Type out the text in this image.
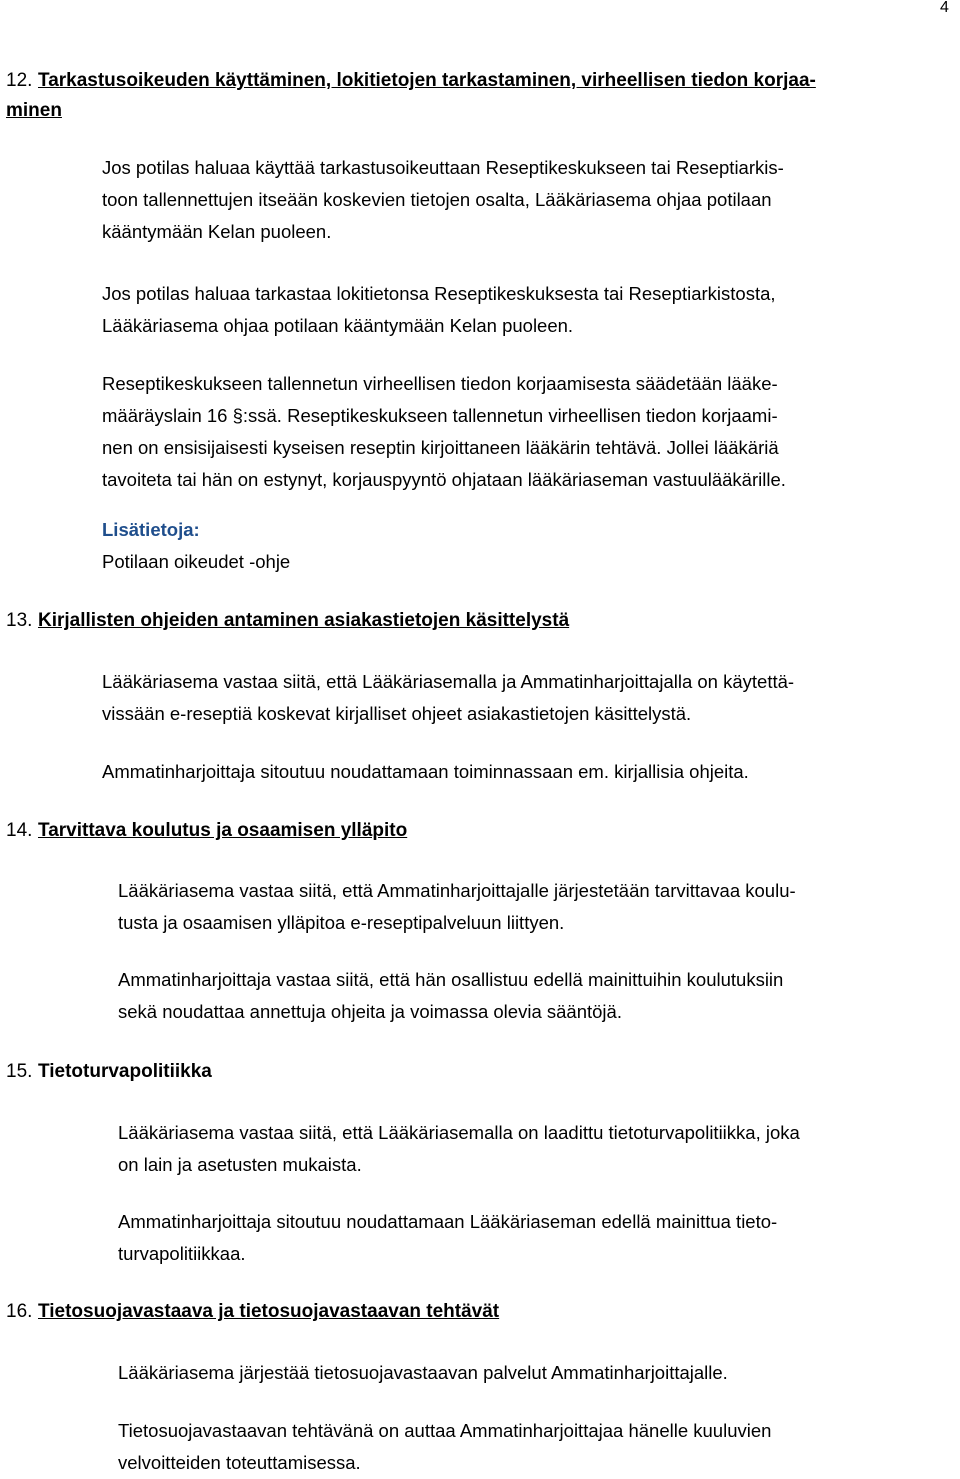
4
12. Tarkastusoikeuden käyttäminen, lokitietojen tarkastaminen, virheellisen tiedon korjaa-
minen

Jos potilas haluaa käyttää tarkastusoikeuttaan Reseptikeskukseen tai Reseptiarkis-
toon tallennettujen itseään koskevien tietojen osalta, Lääkäriasema ohjaa potilaan
kääntymään Kelan puoleen.

Jos potilas haluaa tarkastaa lokitietonsa Reseptikeskuksesta tai Reseptiarkistosta,
Lääkäriasema ohjaa potilaan kääntymään Kelan puoleen.

Reseptikeskukseen tallennetun virheellisen tiedon korjaamisesta säädetään lääke-
määräyslain 16 §:ssä. Reseptikeskukseen tallennetun virheellisen tiedon korjaami-
nen on ensisijaisesti kyseisen reseptin kirjoittaneen lääkärin tehtävä. Jollei lääkäriä
tavoiteta tai hän on estynyt, korjauspyyntö ohjataan lääkäriaseman vastuulääkärille.

Lisätietoja:
Potilaan oikeudet -ohje
13. Kirjallisten ohjeiden antaminen asiakastietojen käsittelystä

Lääkäriasema vastaa siitä, että Lääkäriasemalla ja Ammatinharjoittajalla on käytettä-
vissään e-reseptiä koskevat kirjalliset ohjeet asiakastietojen käsittelystä.

Ammatinharjoittaja sitoutuu noudattamaan toiminnassaan em. kirjallisia ohjeita.

14. Tarvittava koulutus ja osaamisen ylläpito

Lääkäriasema vastaa siitä, että Ammatinharjoittajalle järjestetään tarvittavaa koulu-
tusta ja osaamisen ylläpitoa e-reseptipalveluun liittyen.

Ammatinharjoittaja vastaa siitä, että hän osallistuu edellä mainittuihin koulutuksiin
sekä noudattaa annettuja ohjeita ja voimassa olevia sääntöjä.

15. Tietoturvapolitiikka

Lääkäriasema vastaa siitä, että Lääkäriasemalla on laadittu tietoturvapolitiikka, joka
on lain ja asetusten mukaista.

Ammatinharjoittaja sitoutuu noudattamaan Lääkäriaseman edellä mainittua tieto-
turvapolitiikkaa.

16. Tietosuojavastaava ja tietosuojavastaavan tehtävät

Lääkäriasema järjestää tietosuojavastaavan palvelut Ammatinharjoittajalle.

Tietosuojavastaavan tehtävänä on auttaa Ammatinharjoittajaa hänelle kuuluvien
velvoitteiden toteuttamisessa.
